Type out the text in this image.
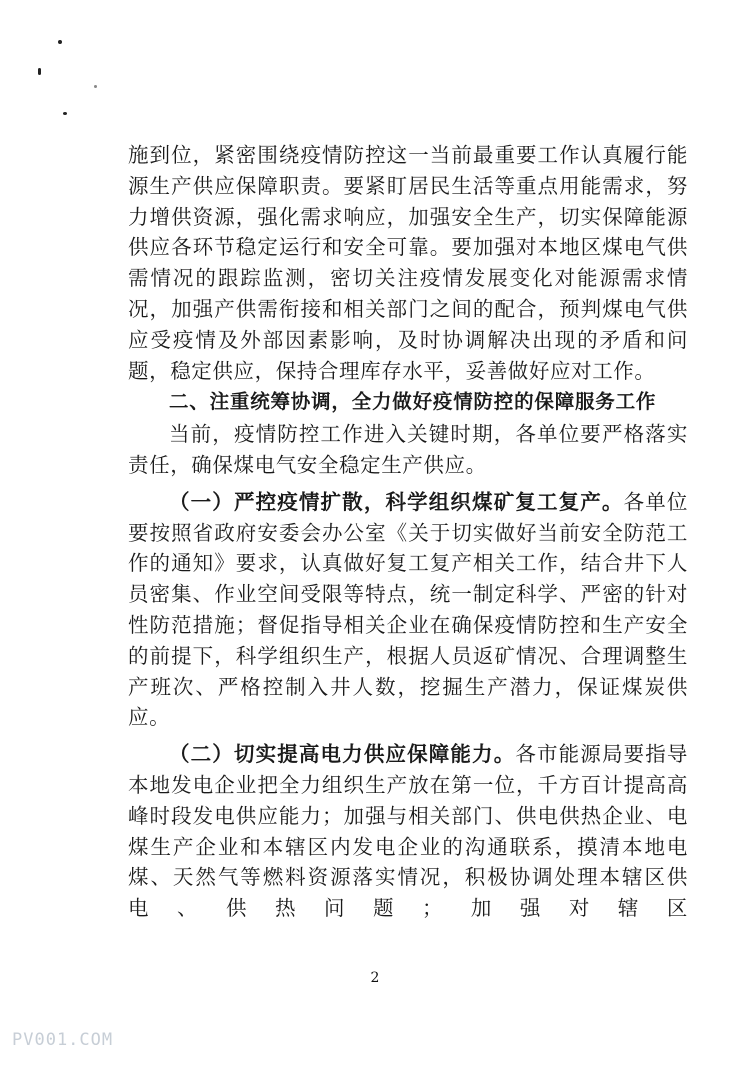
施到位，紧密围绕疫情防控这一当前最重要工作认真履行能源生产供应保障职责。要紧盯居民生活等重点用能需求，努力增供资源，强化需求响应，加强安全生产，切实保障能源供应各环节稳定运行和安全可靠。要加强对本地区煤电气供需情况的跟踪监测，密切关注疫情发展变化对能源需求情况，加强产供需衔接和相关部门之间的配合，预判煤电气供应受疫情及外部因素影响，及时协调解决出现的矛盾和问题，稳定供应，保持合理库存水平，妥善做好应对工作。

二、注重统筹协调，全力做好疫情防控的保障服务工作

当前，疫情防控工作进入关键时期，各单位要严格落实责任，确保煤电气安全稳定生产供应。

（一）严控疫情扩散，科学组织煤矿复工复产。各单位要按照省政府安委会办公室《关于切实做好当前安全防范工作的通知》要求，认真做好复工复产相关工作，结合井下人员密集、作业空间受限等特点，统一制定科学、严密的针对性防范措施；督促指导相关企业在确保疫情防控和生产安全的前提下，科学组织生产，根据人员返矿情况、合理调整生产班次、严格控制入井人数，挖掘生产潜力，保证煤炭供应。

（二）切实提高电力供应保障能力。各市能源局要指导本地发电企业把全力组织生产放在第一位，千方百计提高高峰时段发电供应能力；加强与相关部门、供电供热企业、电煤生产企业和本辖区内发电企业的沟通联系，摸清本地电煤、天然气等燃料资源落实情况，积极协调处理本辖区供电、供热问题；加强对辖区

2
PV001.COM
